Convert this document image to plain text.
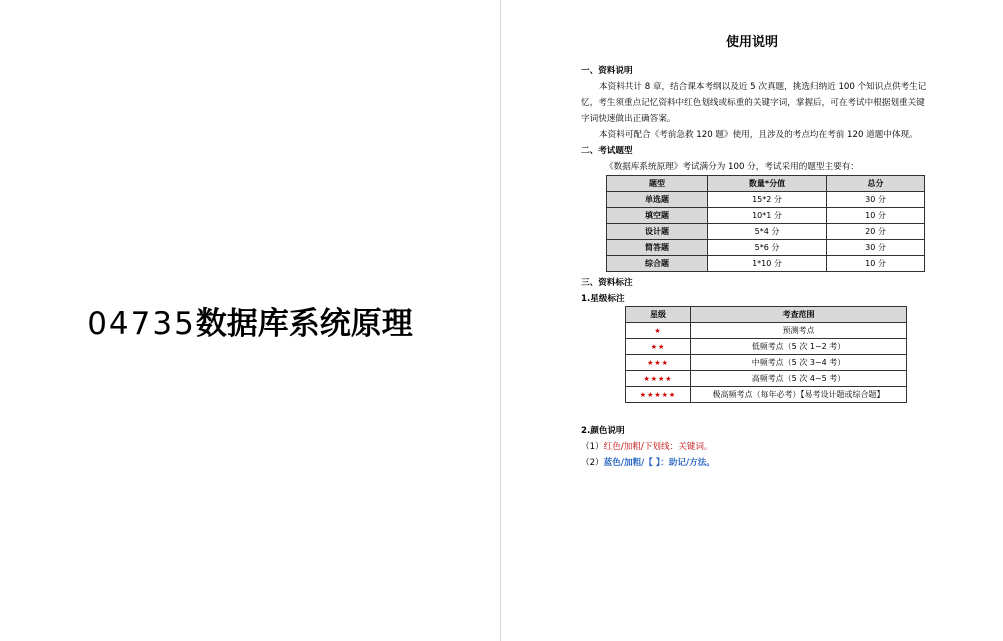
04735数据库系统原理
使用说明
一、资料说明
本资料共计 8 章，结合课本考纲以及近 5 次真题，挑选归纳近 100 个知识点供考生记
忆，考生须重点记忆资料中红色划线或标重的关键字词，掌握后，可在考试中根据划重关键
字词快速做出正确答案。
本资料可配合《考前急救 120 题》使用，且涉及的考点均在考前 120 道题中体现。
二、考试题型
《数据库系统原理》考试满分为 100 分，考试采用的题型主要有：
题型	数量*分值	总分
单选题	15*2 分	30 分
填空题	10*1 分	10 分
设计题	5*4 分	20 分
简答题	5*6 分	30 分
综合题	1*10 分	10 分
三、资料标注
1.星级标注
星级	考查范围
★	预测考点
★★	低频考点（5 次 1~2 考）
★★★	中频考点（5 次 3~4 考）
★★★★	高频考点（5 次 4~5 考）
★★★★★	极高频考点（每年必考）【易考设计题或综合题】
2.颜色说明
（1）红色/加粗/下划线：关键词。
（2）蓝色/加粗/【 】：助记/方法。
